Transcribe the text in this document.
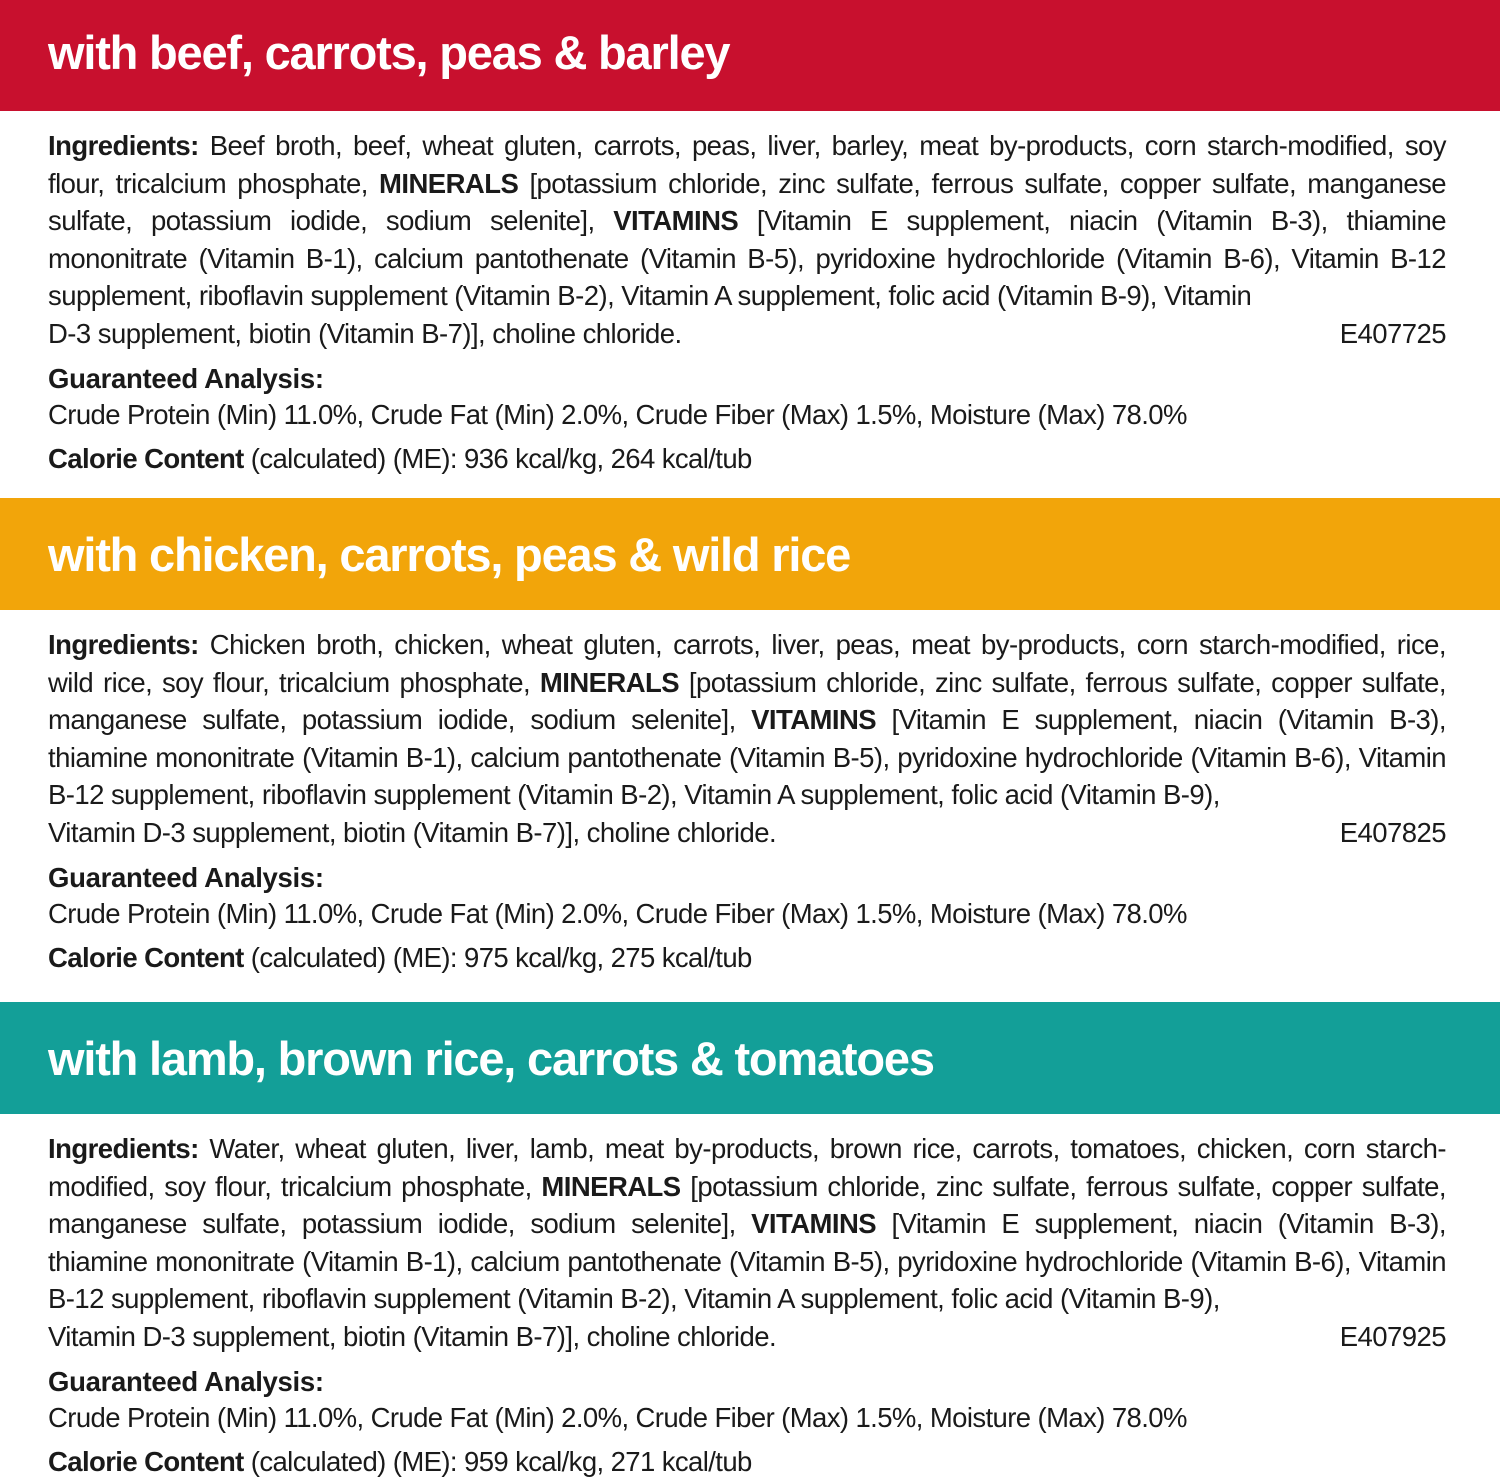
with beef, carrots, peas & barley

Ingredients: Beef broth, beef, wheat gluten, carrots, peas, liver, barley, meat by-products, corn starch-modified, soy flour, tricalcium phosphate, MINERALS [potassium chloride, zinc sulfate, ferrous sulfate, copper sulfate, manganese sulfate, potassium iodide, sodium selenite], VITAMINS [Vitamin E supplement, niacin (Vitamin B-3), thiamine mononitrate (Vitamin B-1), calcium pantothenate (Vitamin B-5), pyridoxine hydrochloride (Vitamin B-6), Vitamin B-12 supplement, riboflavin supplement (Vitamin B-2), Vitamin A supplement, folic acid (Vitamin B-9), Vitamin

D-3 supplement, biotin (Vitamin B-7)], choline chloride.	E407725

Guaranteed Analysis:

Crude Protein (Min) 11.0%, Crude Fat (Min) 2.0%, Crude Fiber (Max) 1.5%, Moisture (Max) 78.0%

Calorie Content (calculated) (ME): 936 kcal/kg, 264 kcal/tub

with chicken, carrots, peas & wild rice

Ingredients: Chicken broth, chicken, wheat gluten, carrots, liver, peas, meat by-products, corn starch-modified, rice, wild rice, soy flour, tricalcium phosphate, MINERALS [potassium chloride, zinc sulfate, ferrous sulfate, copper sulfate, manganese sulfate, potassium iodide, sodium selenite], VITAMINS [Vitamin E supplement, niacin (Vitamin B-3), thiamine mononitrate (Vitamin B-1), calcium pantothenate (Vitamin B-5), pyridoxine hydrochloride (Vitamin B-6), Vitamin B-12 supplement, riboflavin supplement (Vitamin B-2), Vitamin A supplement, folic acid (Vitamin B-9),

Vitamin D-3 supplement, biotin (Vitamin B-7)], choline chloride.	E407825

Guaranteed Analysis:

Crude Protein (Min) 11.0%, Crude Fat (Min) 2.0%, Crude Fiber (Max) 1.5%, Moisture (Max) 78.0%

Calorie Content (calculated) (ME): 975 kcal/kg, 275 kcal/tub

with lamb, brown rice, carrots & tomatoes

Ingredients: Water, wheat gluten, liver, lamb, meat by-products, brown rice, carrots, tomatoes, chicken, corn starch-modified, soy flour, tricalcium phosphate, MINERALS [potassium chloride, zinc sulfate, ferrous sulfate, copper sulfate, manganese sulfate, potassium iodide, sodium selenite], VITAMINS [Vitamin E supplement, niacin (Vitamin B-3), thiamine mononitrate (Vitamin B-1), calcium pantothenate (Vitamin B-5), pyridoxine hydrochloride (Vitamin B-6), Vitamin B-12 supplement, riboflavin supplement (Vitamin B-2), Vitamin A supplement, folic acid (Vitamin B-9),

Vitamin D-3 supplement, biotin (Vitamin B-7)], choline chloride.	E407925

Guaranteed Analysis:

Crude Protein (Min) 11.0%, Crude Fat (Min) 2.0%, Crude Fiber (Max) 1.5%, Moisture (Max) 78.0%

Calorie Content (calculated) (ME): 959 kcal/kg, 271 kcal/tub
